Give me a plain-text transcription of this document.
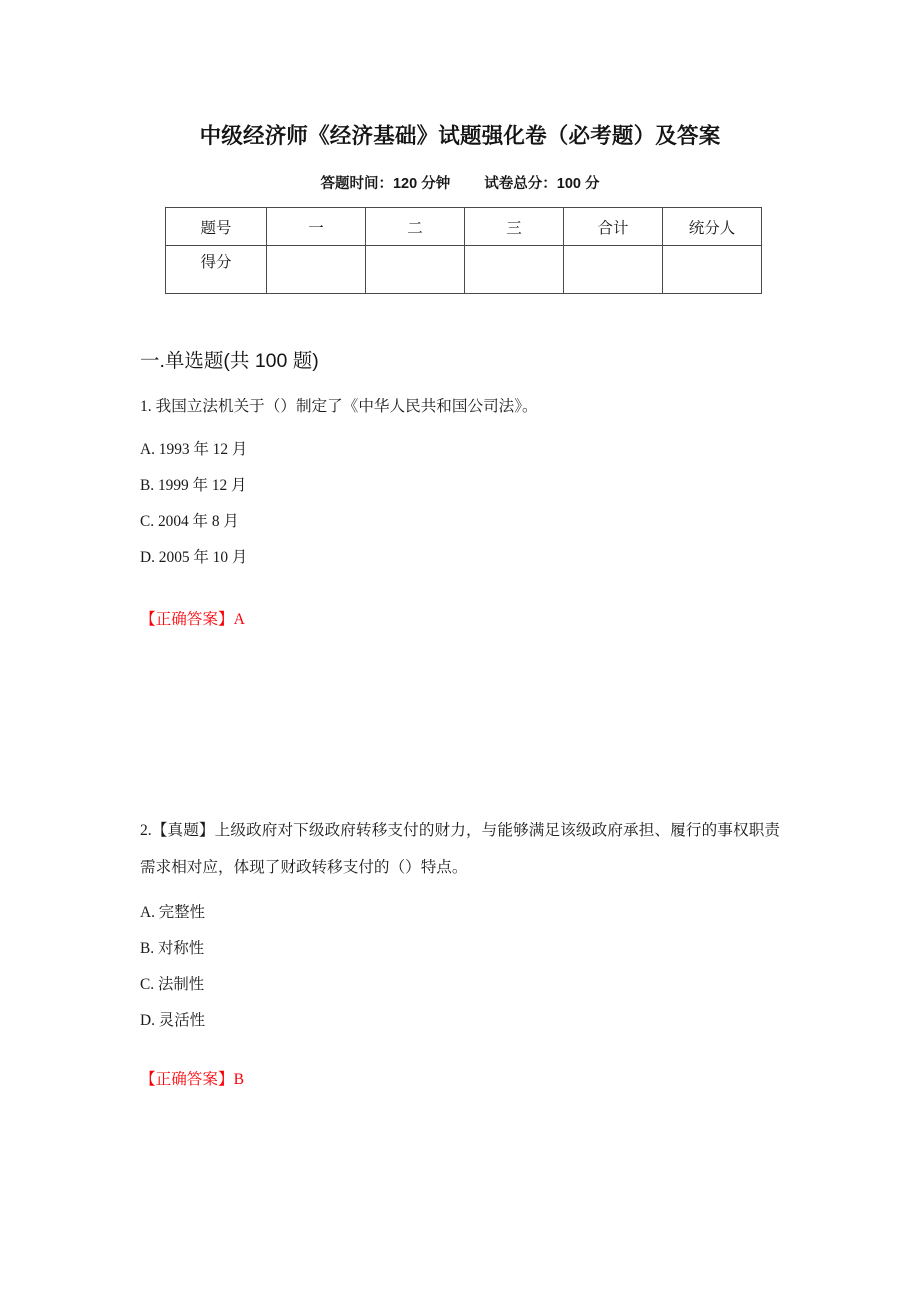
中级经济师《经济基础》试题强化卷（必考题）及答案
答题时间：120 分钟 试卷总分：100 分
题号	一	二	三	合计	统分人
得分					
一.单选题(共 100 题)
1. 我国立法机关于（）制定了《中华人民共和国公司法》。
A. 1993 年 12 月
B. 1999 年 12 月
C. 2004 年 8 月
D. 2005 年 10 月
【正确答案】A
2.【真题】上级政府对下级政府转移支付的财力，与能够满足该级政府承担、履行的事权职责需求相对应，体现了财政转移支付的（）特点。
A. 完整性
B. 对称性
C. 法制性
D. 灵活性
【正确答案】B
